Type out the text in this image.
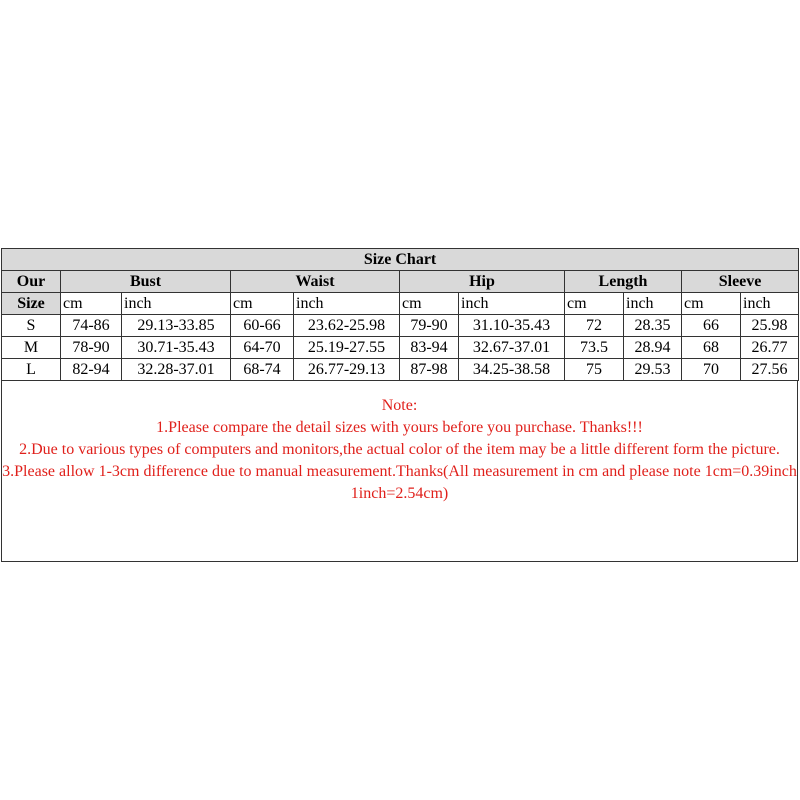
Size Chart										
Our	Bust		Waist		Hip		Length		Sleeve	
Size	cm	inch	cm	inch	cm	inch	cm	inch	cm	inch
S	74-86	29.13-33.85	60-66	23.62-25.98	79-90	31.10-35.43	72	28.35	66	25.98
M	78-90	30.71-35.43	64-70	25.19-27.55	83-94	32.67-37.01	73.5	28.94	68	26.77
L	82-94	32.28-37.01	68-74	26.77-29.13	87-98	34.25-38.58	75	29.53	70	27.56

Note:

1.Please compare the detail sizes with yours before you purchase. Thanks!!!

2.Due to various types of computers and monitors,the actual color of the item may be a little different form the picture.

3.Please allow 1-3cm difference due to manual measurement.Thanks(All measurement in cm and please note 1cm=0.39inch 1inch=2.54cm)
